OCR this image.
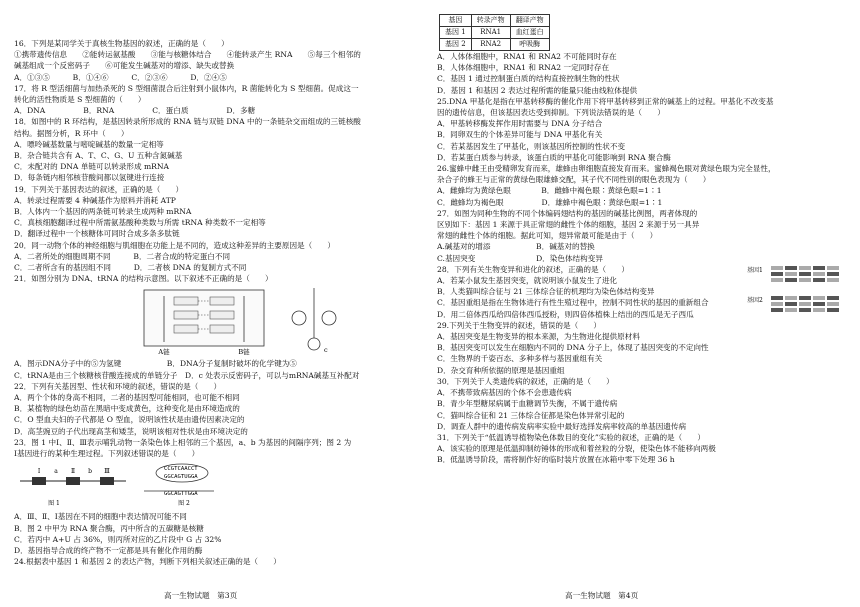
16．下列是某同学关于真核生物基因的叙述，正确的是（　　）
①携带遗传信息　　②能转运氨基酸　　③能与核糖体结合　　④能转录产生 RNA　　⑤每三个相邻的
碱基组成一个反密码子　　⑥可能发生碱基对的增添、缺失或替换
A．①③⑤　　　B．①④⑥　　　C．②③⑥　　　D．②④⑤
17．将 R 型活细菌与加热杀死的 S 型细菌混合后注射到小鼠体内，R 菌能转化为 S 型细菌。促成这一
转化的活性物质是 S 型细菌的（　　）
A．DNA　　　　　B．RNA　　　　　C．蛋白质　　　　　D．多糖
18．如图中的 R 环结构，是基因转录所形成的 RNA 链与双链 DNA 中的一条链杂交而组成的三链核酸
结构。据图分析，R 环中（　　）
A．嘌呤碱基数量与嘧啶碱基的数量一定相等
B．杂合链共含有 A、T、C、G、U 五种含氮碱基
C．未配对的 DNA 单链可以转录形成 mRNA
D．每条链内相邻核苷酸间都以氢键进行连接
19．下列关于基因表达的叙述，正确的是（　　）
A．转录过程需要 4 种碱基作为原料并消耗 ATP
B．人体内一个基因的两条链可转录生成两种 mRNA
C．真核细胞翻译过程中所需氨基酸种类数与所需 tRNA 种类数不一定相等
D．翻译过程中一个核糖体可同时合成多条多肽链
20．同一动物个体的神经细胞与肌细胞在功能上是不同的，造成这种差异的主要原因是（　　）
A．二者所处的细胞周期不同　　　B．二者合成的特定蛋白不同
C．二者所含有的基因组不同　　　D．二者核 DNA 的复制方式不同
21．如图分别为 DNA、tRNA 的结构示意图。以下叙述不正确的是（　　）
A链	B链	c
A．图示DNA分子中的⑤为氢键　　　　　　B．DNA分子复制时破坏的化学键为⑤
C．tRNA是由三个核糖核苷酸连接成的单链分子　D．c 处表示反密码子，可以与mRNA碱基互补配对
22．下列有关基因型、性状和环境的叙述，错误的是（　　）
A．两个个体的身高不相同，二者的基因型可能相同，也可能不相同
B．某植物的绿色幼苗在黑暗中变成黄色，这种变化是由环境造成的
C．O 型血夫妇的子代都是 O 型血，说明该性状是由遗传因素决定的
D．高茎豌豆的子代出现高茎和矮茎，说明该相对性状是由环境决定的
23．图 1 中Ⅰ、Ⅱ、Ⅲ表示哺乳动物一条染色体上相邻的三个基因，a、b 为基因的间隔序列；图 2 为
Ⅰ基因进行的某种生理过程。下列叙述错误的是（　　）
Ⅰ a Ⅱ b Ⅲ
图 1	图 2
CCGTCAACCT
GGCAGTUGGA
GGCAGTTGGA
A．Ⅲ、Ⅱ、Ⅰ基因在不同的细胞中表达情况可能不同
B．图 2 中甲为 RNA 聚合酶，丙中所含的五碳糖是核糖
C．若丙中 A+U 占 36%，则丙所对应的乙片段中 G 占 32%
D．基因指导合成的终产物不一定都是具有催化作用的酶
24.根据表中基因 1 和基因 2 的表达产物，判断下列相关叙述正确的是（　　）
高一生物试题　第3页
基因	转录产物	翻译产物
基因 1	RNA1	血红蛋白
基因 2	RNA2	呼吸酶
A．人体体细胞中，RNA1 和 RNA2 不可能同时存在
B．人体体细胞中，RNA1 和 RNA2 一定同时存在
C．基因 1 通过控制蛋白质的结构直接控制生物的性状
D．基因 1 和基因 2 表达过程所需的能量只能由线粒体提供
25.DNA 甲基化是指在甲基转移酶的催化作用下将甲基转移到正常的碱基上的过程。甲基化不改变基
因的遗传信息，但该基因表达受到抑制。下列说法错误的是（　　）
A．甲基转移酶发挥作用时需要与 DNA 分子结合
B．同卵双生的个体差异可能与 DNA 甲基化有关
C．若某基因发生了甲基化，则该基因所控制的性状不变
D．若某蛋白质参与转录，该蛋白质的甲基化可能影响到 RNA 聚合酶
26.蜜蜂中雌王由受精卵发育而来，雄蜂由卵细胞直接发育而来。蜜蜂褐色眼对黄绿色眼为完全显性，
杂合子的蜂王与正常的黄绿色眼雄蜂交配，其子代不同性别的眼色表现为（　　）
A．雌蜂均为黄绿色眼　　　　B．雌蜂中褐色眼∶黄绿色眼=1∶1
C．雌蜂均为褐色眼　　　　　D．雄蜂中褐色眼∶黄绿色眼=1∶1
27．如图为同种生物的不同个体编码翅结构的基因的碱基比例图，两者体现的
区别如下：基因 1 来源于具正常翅的雌性个体的细胞，基因 2 来源于另一具异
常翅的雌性个体的细胞。据此可知，翅异常最可能是由于（　　）
A.碱基对的增添　　　　　　B．碱基对的替换
C.基因突变　　　　　　　　D．染色体结构变异
28．下列有关生物变异和进化的叙述，正确的是（　　）
A．若某小鼠发生基因突变，就说明该小鼠发生了进化
B．人类猫叫综合征与 21 三体综合征的机理均为染色体结构变异
C．基因重组是指在生物体进行有性生殖过程中，控制不同性状的基因的重新组合
D．用二倍体西瓜给四倍体西瓜授粉，则四倍体植株上结出的西瓜是无子西瓜
29.下列关于生物变异的叙述，错误的是（　　）
A．基因突变是生物变异的根本来源，为生物进化提供原材料
B．基因突变可以发生在细胞内不同的 DNA 分子上，体现了基因突变的不定向性
C．生物界的千姿百态、多种多样与基因重组有关
D．杂交育种所依据的原理是基因重组
30．下列关于人类遗传病的叙述，正确的是（　　）
A．不携带致病基因的个体不会患遗传病
B．青少年型糖尿病属于血糖调节失衡，不属于遗传病
C．猫叫综合征和 21 三体综合征都是染色体异常引起的
D．调查人群中的遗传病发病率实验中最好选择发病率较高的单基因遗传病
31．下列关于“低温诱导植物染色体数目的变化”实验的叙述，正确的是（　　）
A．该实验的原理是低温抑制纺锤体的形成和着丝粒的分裂，使染色体不能移向两极
B．低温诱导阶段，需将制作好的临时装片放置在冰箱中零下处理 36 h
基因1
基因2
高一生物试题　第4页
